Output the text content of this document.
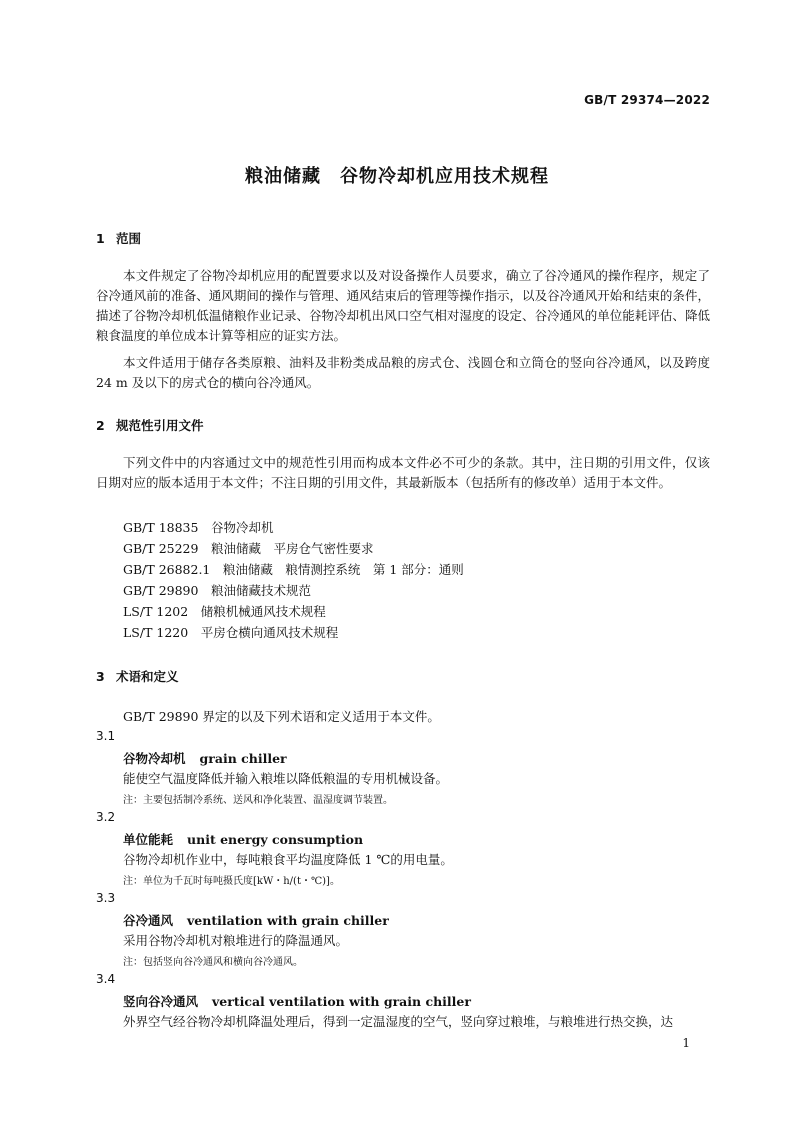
GB/T 29374—2022
粮油储藏　谷物冷却机应用技术规程
1 范围

本文件规定了谷物冷却机应用的配置要求以及对设备操作人员要求，确立了谷冷通风的操作程序，规定了谷冷通风前的准备、通风期间的操作与管理、通风结束后的管理等操作指示，以及谷冷通风开始和结束的条件，描述了谷物冷却机低温储粮作业记录、谷物冷却机出风口空气相对湿度的设定、谷冷通风的单位能耗评估、降低粮食温度的单位成本计算等相应的证实方法。

本文件适用于储存各类原粮、油料及非粉类成品粮的房式仓、浅圆仓和立筒仓的竖向谷冷通风，以及跨度 24 m 及以下的房式仓的横向谷冷通风。

2 规范性引用文件

下列文件中的内容通过文中的规范性引用而构成本文件必不可少的条款。其中，注日期的引用文件，仅该日期对应的版本适用于本文件；不注日期的引用文件，其最新版本（包括所有的修改单）适用于本文件。

GB/T 18835　谷物冷却机
GB/T 25229　粮油储藏　平房仓气密性要求
GB/T 26882.1　粮油储藏　粮情测控系统　第 1 部分：通则
GB/T 29890　粮油储藏技术规范
LS/T 1202　储粮机械通风技术规程
LS/T 1220　平房仓横向通风技术规程
3 术语和定义
GB/T 29890 界定的以及下列术语和定义适用于本文件。
3.1
谷物冷却机 grain chiller
能使空气温度降低并输入粮堆以降低粮温的专用机械设备。
注：主要包括制冷系统、送风和净化装置、温湿度调节装置。
3.2
单位能耗 unit energy consumption
谷物冷却机作业中，每吨粮食平均温度降低 1 ℃的用电量。
注：单位为千瓦时每吨摄氏度[kW・h/(t・℃)]。
3.3
谷冷通风 ventilation with grain chiller
采用谷物冷却机对粮堆进行的降温通风。
注：包括竖向谷冷通风和横向谷冷通风。
3.4
竖向谷冷通风 vertical ventilation with grain chiller
外界空气经谷物冷却机降温处理后，得到一定温湿度的空气，竖向穿过粮堆，与粮堆进行热交换，达
1
